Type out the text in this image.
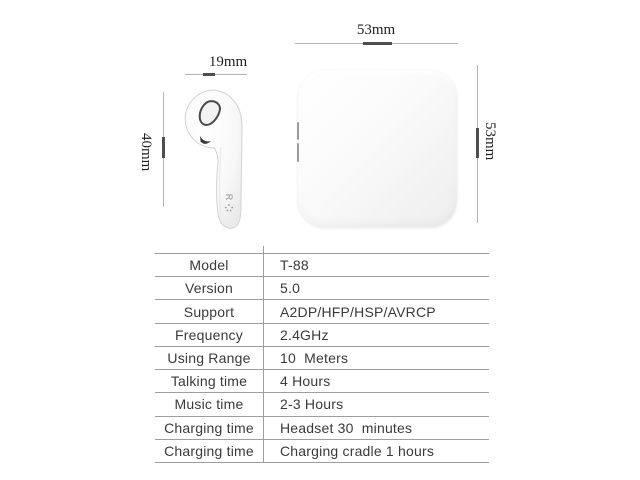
53mm
19mm
40mm	53mm
R
Model	T-88
Version	5.0
Support	A2DP/HFP/HSP/AVRCP
Frequency	2.4GHz
Using Range	10  Meters
Talking time	4 Hours
Music time	2-3 Hours
Charging time	Headset 30  minutes
Charging time	Charging cradle 1 hours
